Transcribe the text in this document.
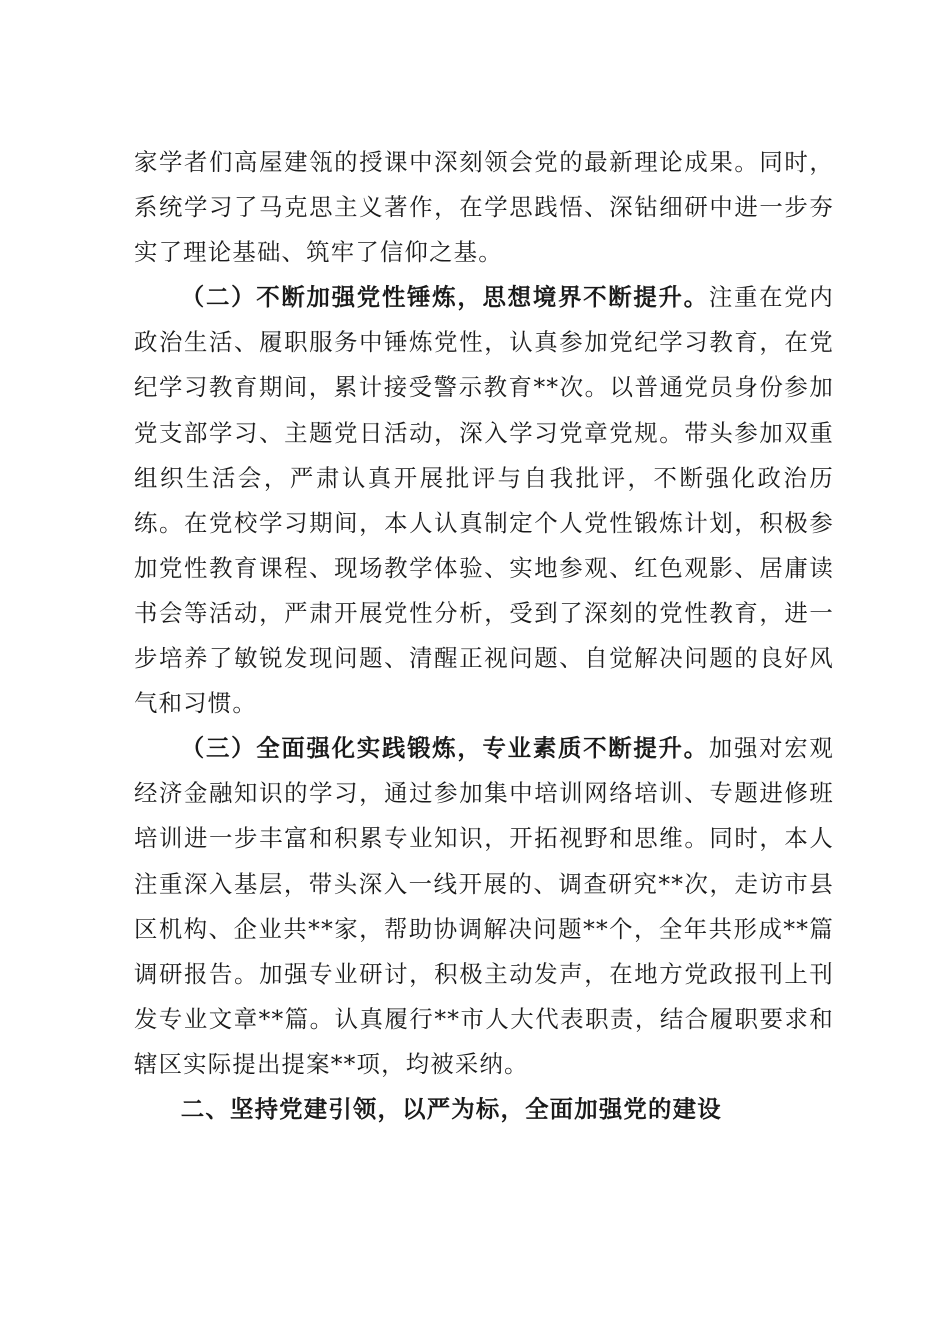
家学者们高屋建瓴的授课中深刻领会党的最新理论成果。同时，系统学习了马克思主义著作，在学思践悟、深钻细研中进一步夯实了理论基础、筑牢了信仰之基。

（二）不断加强党性锤炼，思想境界不断提升。注重在党内政治生活、履职服务中锤炼党性，认真参加党纪学习教育，在党纪学习教育期间，累计接受警示教育**次。以普通党员身份参加党支部学习、主题党日活动，深入学习党章党规。带头参加双重组织生活会，严肃认真开展批评与自我批评，不断强化政治历练。在党校学习期间，本人认真制定个人党性锻炼计划，积极参加党性教育课程、现场教学体验、实地参观、红色观影、居庸读书会等活动，严肃开展党性分析，受到了深刻的党性教育，进一步培养了敏锐发现问题、清醒正视问题、自觉解决问题的良好风气和习惯。

（三）全面强化实践锻炼，专业素质不断提升。加强对宏观经济金融知识的学习，通过参加集中培训网络培训、专题进修班培训进一步丰富和积累专业知识，开拓视野和思维。同时，本人注重深入基层，带头深入一线开展的、调查研究**次，走访市县区机构、企业共**家，帮助协调解决问题**个，全年共形成**篇调研报告。加强专业研讨，积极主动发声，在地方党政报刊上刊发专业文章**篇。认真履行**市人大代表职责，结合履职要求和辖区实际提出提案**项，均被采纳。

二、坚持党建引领，以严为标，全面加强党的建设
